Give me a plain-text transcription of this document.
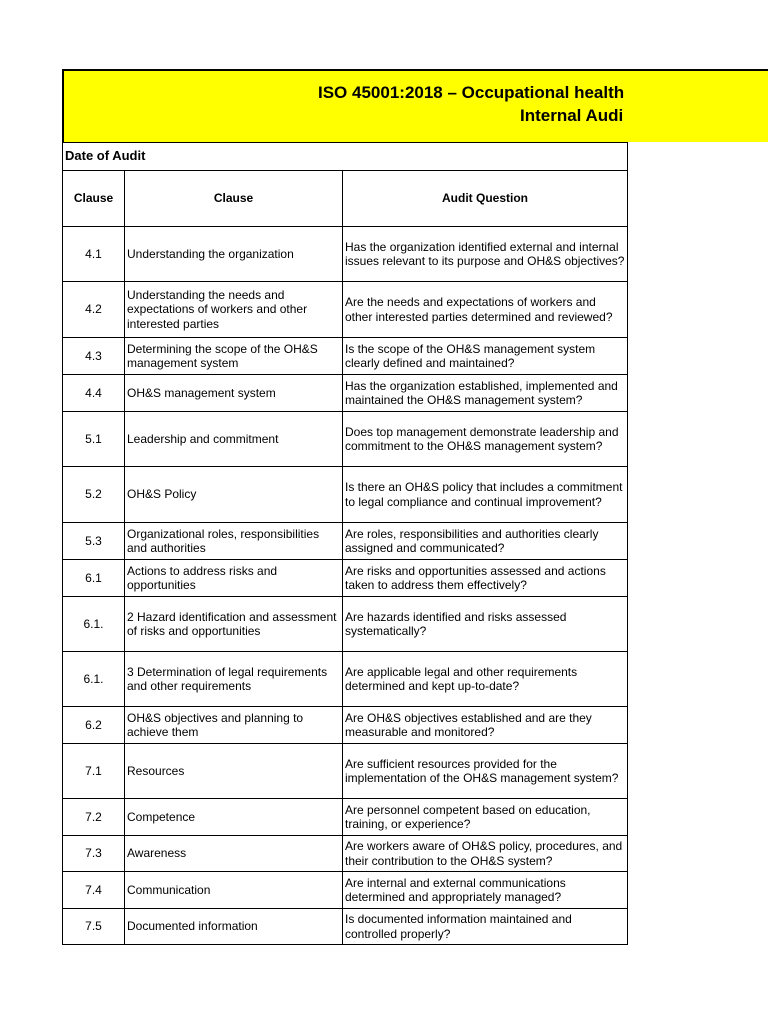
ISO 45001:2018 – Occupational health
Internal Audi
Date of Audit		
Clause	Clause	Audit Question
4.1	Understanding the organization	Has the organization identified external and internal issues relevant to its purpose and OH&S objectives?
4.2	Understanding the needs and expectations of workers and other interested parties	Are the needs and expectations of workers and other interested parties determined and reviewed?
4.3	Determining the scope of the OH&S management system	Is the scope of the OH&S management system clearly defined and maintained?
4.4	OH&S management system	Has the organization established, implemented and maintained the OH&S management system?
5.1	Leadership and commitment	Does top management demonstrate leadership and commitment to the OH&S management system?
5.2	OH&S Policy	Is there an OH&S policy that includes a commitment to legal compliance and continual improvement?
5.3	Organizational roles, responsibilities and authorities	Are roles, responsibilities and authorities clearly assigned and communicated?
6.1	Actions to address risks and opportunities	Are risks and opportunities assessed and actions taken to address them effectively?
6.1.	2 Hazard identification and assessment of risks and opportunities	Are hazards identified and risks assessed systematically?
6.1.	3 Determination of legal requirements and other requirements	Are applicable legal and other requirements determined and kept up-to-date?
6.2	OH&S objectives and planning to achieve them	Are OH&S objectives established and are they measurable and monitored?
7.1	Resources	Are sufficient resources provided for the implementation of the OH&S management system?
7.2	Competence	Are personnel competent based on education, training, or experience?
7.3	Awareness	Are workers aware of OH&S policy, procedures, and their contribution to the OH&S system?
7.4	Communication	Are internal and external communications determined and appropriately managed?
7.5	Documented information	Is documented information maintained and controlled properly?
